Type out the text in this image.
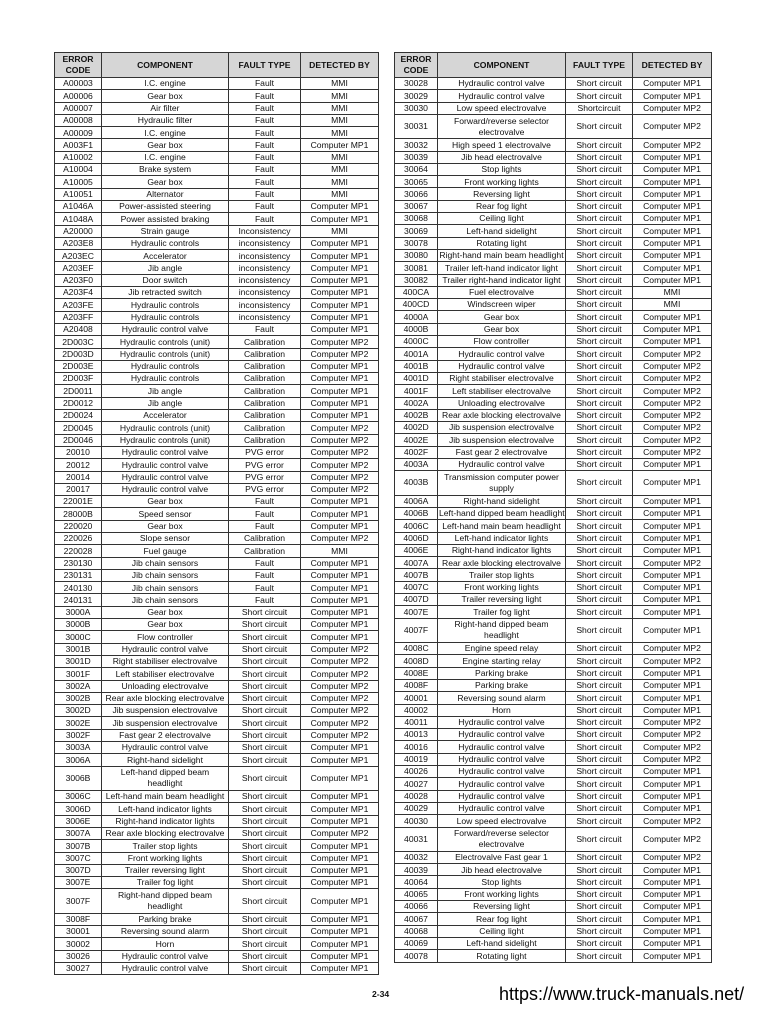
ERROR CODE	COMPONENT	FAULT TYPE	DETECTED BY
A00003	I.C. engine	Fault	MMI
A00006	Gear box	Fault	MMI
A00007	Air filter	Fault	MMI
A00008	Hydraulic filter	Fault	MMI
A00009	I.C. engine	Fault	MMI
A003F1	Gear box	Fault	Computer MP1
A10002	I.C. engine	Fault	MMI
A10004	Brake system	Fault	MMI
A10005	Gear box	Fault	MMI
A10051	Alternator	Fault	MMI
A1046A	Power-assisted steering	Fault	Computer MP1
A1048A	Power assisted braking	Fault	Computer MP1
A20000	Strain gauge	Inconsistency	MMI
A203E8	Hydraulic controls	inconsistency	Computer MP1
A203EC	Accelerator	inconsistency	Computer MP1
A203EF	Jib angle	inconsistency	Computer MP1
A203F0	Door switch	inconsistency	Computer MP1
A203F4	Jib retracted switch	inconsistency	Computer MP1
A203FE	Hydraulic controls	inconsistency	Computer MP1
A203FF	Hydraulic controls	inconsistency	Computer MP1
A20408	Hydraulic control valve	Fault	Computer MP1
2D003C	Hydraulic controls (unit)	Calibration	Computer MP2
2D003D	Hydraulic controls (unit)	Calibration	Computer MP2
2D003E	Hydraulic controls	Calibration	Computer MP1
2D003F	Hydraulic controls	Calibration	Computer MP1
2D0011	Jib angle	Calibration	Computer MP1
2D0012	Jib angle	Calibration	Computer MP1
2D0024	Accelerator	Calibration	Computer MP1
2D0045	Hydraulic controls (unit)	Calibration	Computer MP2
2D0046	Hydraulic controls (unit)	Calibration	Computer MP2
20010	Hydraulic control valve	PVG error	Computer MP2
20012	Hydraulic control valve	PVG error	Computer MP2
20014	Hydraulic control valve	PVG error	Computer MP2
20017	Hydraulic control valve	PVG error	Computer MP2
22001E	Gear box	Fault	Computer MP1
28000B	Speed sensor	Fault	Computer MP1
220020	Gear box	Fault	Computer MP1
220026	Slope sensor	Calibration	Computer MP2
220028	Fuel gauge	Calibration	MMI
230130	Jib chain sensors	Fault	Computer MP1
230131	Jib chain sensors	Fault	Computer MP1
240130	Jib chain sensors	Fault	Computer MP1
240131	Jib chain sensors	Fault	Computer MP1
3000A	Gear box	Short circuit	Computer MP1
3000B	Gear box	Short circuit	Computer MP1
3000C	Flow controller	Short circuit	Computer MP1
3001B	Hydraulic control valve	Short circuit	Computer MP2
3001D	Right stabiliser electrovalve	Short circuit	Computer MP2
3001F	Left stabiliser electrovalve	Short circuit	Computer MP2
3002A	Unloading electrovalve	Short circuit	Computer MP2
3002B	Rear axle blocking electrovalve	Short circuit	Computer MP2
3002D	Jib suspension electrovalve	Short circuit	Computer MP2
3002E	Jib suspension electrovalve	Short circuit	Computer MP2
3002F	Fast gear 2 electrovalve	Short circuit	Computer MP2
3003A	Hydraulic control valve	Short circuit	Computer MP1
3006A	Right-hand sidelight	Short circuit	Computer MP1
3006B	Left-hand dipped beam headlight	Short circuit	Computer MP1
3006C	Left-hand main beam headlight	Short circuit	Computer MP1
3006D	Left-hand indicator lights	Short circuit	Computer MP1
3006E	Right-hand indicator lights	Short circuit	Computer MP1
3007A	Rear axle blocking electrovalve	Short circuit	Computer MP2
3007B	Trailer stop lights	Short circuit	Computer MP1
3007C	Front working lights	Short circuit	Computer MP1
3007D	Trailer reversing light	Short circuit	Computer MP1
3007E	Trailer fog light	Short circuit	Computer MP1
3007F	Right-hand dipped beam headlight	Short circuit	Computer MP1
3008F	Parking brake	Short circuit	Computer MP1
30001	Reversing sound alarm	Short circuit	Computer MP1
30002	Horn	Short circuit	Computer MP1
30026	Hydraulic control valve	Short circuit	Computer MP1
30027	Hydraulic control valve	Short circuit	Computer MP1
ERROR CODE	COMPONENT	FAULT TYPE	DETECTED BY
30028	Hydraulic control valve	Short circuit	Computer MP1
30029	Hydraulic control valve	Short circuit	Computer MP1
30030	Low speed electrovalve	Shortcircuit	Computer MP2
30031	Forward/reverse selector electrovalve	Short circuit	Computer MP2
30032	High speed 1 electrovalve	Short circuit	Computer MP2
30039	Jib head electrovalve	Short circuit	Computer MP1
30064	Stop lights	Short circuit	Computer MP1
30065	Front working lights	Short circuit	Computer MP1
30066	Reversing light	Short circuit	Computer MP1
30067	Rear fog light	Short circuit	Computer MP1
30068	Ceiling light	Short circuit	Computer MP1
30069	Left-hand sidelight	Short circuit	Computer MP1
30078	Rotating light	Short circuit	Computer MP1
30080	Right-hand main beam headlight	Short circuit	Computer MP1
30081	Trailer left-hand indicator light	Short circuit	Computer MP1
30082	Trailer right-hand indicator light	Short circuit	Computer MP1
400CA	Fuel electrovalve	Short circuit	MMI
400CD	Windscreen wiper	Short circuit	MMI
4000A	Gear box	Short circuit	Computer MP1
4000B	Gear box	Short circuit	Computer MP1
4000C	Flow controller	Short circuit	Computer MP1
4001A	Hydraulic control valve	Short circuit	Computer MP2
4001B	Hydraulic control valve	Short circuit	Computer MP2
4001D	Right stabiliser electrovalve	Short circuit	Computer MP2
4001F	Left stabiliser electrovalve	Short circuit	Computer MP2
4002A	Unloading electrovalve	Short circuit	Computer MP2
4002B	Rear axle blocking electrovalve	Short circuit	Computer MP2
4002D	Jib suspension electrovalve	Short circuit	Computer MP2
4002E	Jib suspension electrovalve	Short circuit	Computer MP2
4002F	Fast gear 2 electrovalve	Short circuit	Computer MP2
4003A	Hydraulic control valve	Short circuit	Computer MP1
4003B	Transmission computer power supply	Short circuit	Computer MP1
4006A	Right-hand sidelight	Short circuit	Computer MP1
4006B	Left-hand dipped beam headlight	Short circuit	Computer MP1
4006C	Left-hand main beam headlight	Short circuit	Computer MP1
4006D	Left-hand indicator lights	Short circuit	Computer MP1
4006E	Right-hand indicator lights	Short circuit	Computer MP1
4007A	Rear axle blocking electrovalve	Short circuit	Computer MP2
4007B	Trailer stop lights	Short circuit	Computer MP1
4007C	Front working lights	Short circuit	Computer MP1
4007D	Trailer reversing light	Short circuit	Computer MP1
4007E	Trailer fog light	Short circuit	Computer MP1
4007F	Right-hand dipped beam headlight	Short circuit	Computer MP1
4008C	Engine speed relay	Short circuit	Computer MP2
4008D	Engine starting relay	Short circuit	Computer MP2
4008E	Parking brake	Short circuit	Computer MP1
4008F	Parking brake	Short circuit	Computer MP1
40001	Reversing sound alarm	Short circuit	Computer MP1
40002	Horn	Short circuit	Computer MP1
40011	Hydraulic control valve	Short circuit	Computer MP2
40013	Hydraulic control valve	Short circuit	Computer MP2
40016	Hydraulic control valve	Short circuit	Computer MP2
40019	Hydraulic control valve	Short circuit	Computer MP2
40026	Hydraulic control valve	Short circuit	Computer MP1
40027	Hydraulic control valve	Short circuit	Computer MP1
40028	Hydraulic control valve	Short circuit	Computer MP1
40029	Hydraulic control valve	Short circuit	Computer MP1
40030	Low speed electrovalve	Short circuit	Computer MP2
40031	Forward/reverse selector electrovalve	Short circuit	Computer MP2
40032	Electrovalve Fast gear 1	Short circuit	Computer MP2
40039	Jib head electrovalve	Short circuit	Computer MP1
40064	Stop lights	Short circuit	Computer MP1
40065	Front working lights	Short circuit	Computer MP1
40066	Reversing light	Short circuit	Computer MP1
40067	Rear fog light	Short circuit	Computer MP1
40068	Ceiling light	Short circuit	Computer MP1
40069	Left-hand sidelight	Short circuit	Computer MP1
40078	Rotating light	Short circuit	Computer MP1
2-34	https://www.truck-manuals.net/
